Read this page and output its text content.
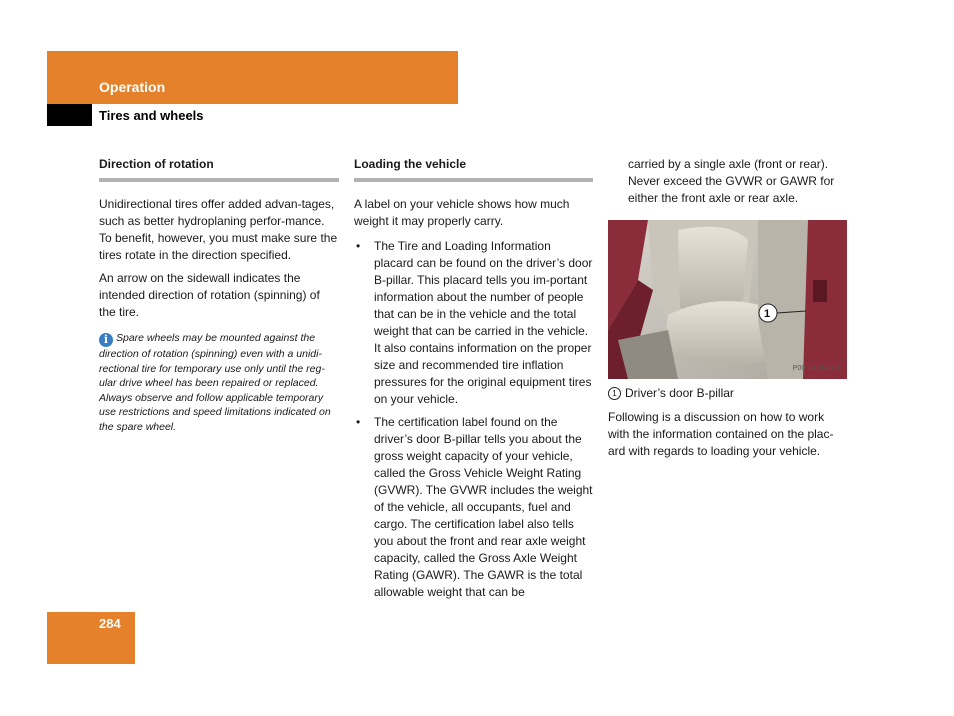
Operation
Tires and wheels
Direction of rotation

Unidirectional tires offer added advan-tages, such as better hydroplaning perfor-mance. To benefit, however, you must make sure the tires rotate in the direction specified.

An arrow on the sidewall indicates the intended direction of rotation (spinning) of the tire.

i Spare wheels may be mounted against the direction of rotation (spinning) even with a unidi-rectional tire for temporary use only until the reg-ular drive wheel has been repaired or replaced. Always observe and follow applicable temporary use restrictions and speed limitations indicated on the spare wheel.

Loading the vehicle

A label on your vehicle shows how much weight it may properly carry.

• The Tire and Loading Information placard can be found on the driver’s door B-pillar. This placard tells you im-portant information about the number of people that can be in the vehicle and the total weight that can be carried in the vehicle. It also contains information on the proper size and recommended tire inflation pressures for the original equipment tires on your vehicle.
• The certification label found on the driver’s door B-pillar tells you about the gross weight capacity of your vehicle, called the Gross Vehicle Weight Rating (GVWR). The GVWR includes the weight of the vehicle, all occupants, fuel and cargo. The certification label also tells you about the front and rear axle weight capacity, called the Gross Axle Weight Rating (GAWR). The GAWR is the total allowable weight that can be

carried by a single axle (front or rear). Never exceed the GVWR or GAWR for either the front axle or rear axle.

P00.10-3620-31
1

1 Driver’s door B-pillar

Following is a discussion on how to work with the information contained on the plac-ard with regards to loading your vehicle.

284
